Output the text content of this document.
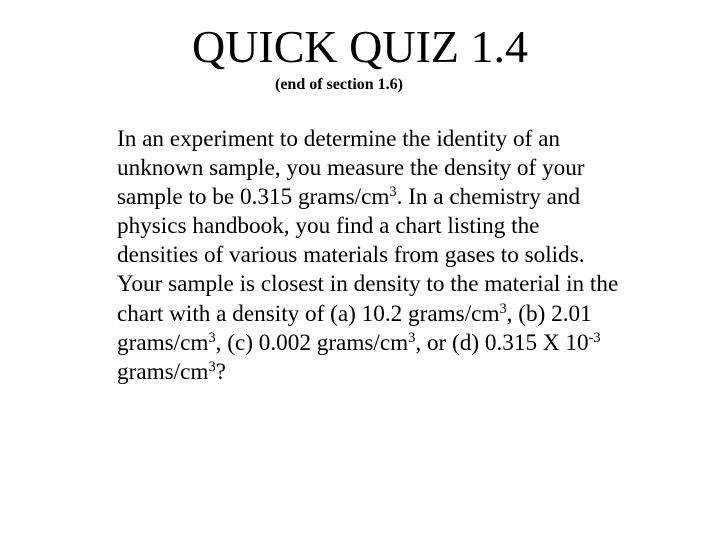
QUICK QUIZ 1.4
(end of section 1.6)
In an experiment to determine the identity of an
unknown sample, you measure the density of your
sample to be 0.315 grams/$cm^3$. In a chemistry and
physics handbook, you find a chart listing the
densities of various materials from gases to solids.
Your sample is closest in density to the material in the
chart with a density of (a) 10.2 grams/$cm^3$, (b) 2.01
grams/$cm^3$, (c) 0.002 grams/$cm^3$, or (d) 0.315 X $10^{-3}$
grams/$cm^3$?
